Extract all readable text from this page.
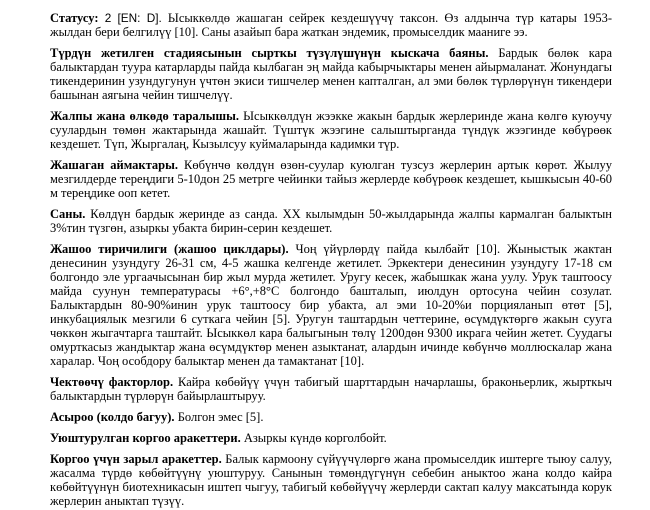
Статусу: 2 [EN: D]. Ысыккөлдө жашаган сейрек кездешүүчү таксон. Өз алдынча түр катары 1953-жылдан бери белгилүү [10]. Саны азайып бара жаткан эндемик, промыселдик мааниге ээ.

Түрдүн жетилген стадиясынын сырткы түзүлүшүнүн кыскача баяны. Бардык бөлөк кара балыктардан туура катарларды пайда кылбаган эң майда кабырчыктары менен айырмаланат. Жонундагы тикендеринин узундугунун үчтөн экиси тишчелер менен капталган, ал эми бөлөк түрлөрүнүн тикендери башынан аягына чейин тишчелүү.

Жалпы жана өлкөдө таралышы. Ысыккөлдүн жээкке жакын бардык жерлеринде жана көлгө куюучу суулардын төмөн жактарында жашайт. Түштүк жээгине салыштырганда түндүк жээгинде көбүрөөк кездешет. Түп, Жыргалаң, Кызылсуу куймаларында кадимки түр.

Жашаган аймактары. Көбүнчө көлдүн өзөн-суулар куюлган тузсуз жерлерин артык көрөт. Жылуу мезгилдерде тереңдиги 5-10дон 25 метрге чейинки тайыз жерлерде көбүрөөк кездешет, кышкысын 40-60 м тереңдике ооп кетет.

Саны. Көлдүн бардык жеринде аз санда. XX кылымдын 50-жылдарында жалпы кармалган балыктын 3%тин түзгөн, азыркы убакта бирин-серин кездешет.

Жашоо тиричилиги (жашоо циклдары). Чоң үйүрлөрдү пайда кылбайт [10]. Жыныстык жактан денесинин узундугу 26-31 см, 4-5 жашка келгенде жетилет. Эркектери денесинин узундугу 17-18 см болгондо эле ургаачысынан бир жыл мурда жетилет. Уругу кесек, жабышкак жана уулу. Урук таштоосу майда суунун температурасы +6°,+8°С болгондо башталып, июлдун ортосуна чейин созулат. Балыктардын 80-90%инин урук таштоосу бир убакта, ал эми 10-20%и порцияланып өтөт [5], инкубациялык мезгили 6 суткага чейин [5]. Уругун таштардын четтерине, өсүмдүктөргө жакын сууга чөккөн жыгачтарга таштайт. Ысыккөл кара балыгынын төлү 1200дөн 9300 икрага чейин жетет. Суудагы омурткасыз жандыктар жана өсүмдүктөр менен азыктанат, алардын ичинде көбүнчө моллюскалар жана харалар. Чоң особдору балыктар менен да тамактанат [10].

Чектөөчү факторлор. Кайра көбөйүү үчүн табигый шарттардын начарлашы, браконьерлик, жырткыч балыктардын түрлөрүн байырлаштыруу.

Асыроо (колдо багуу). Болгон эмес [5].

Уюштурулган коргоо аракеттери. Азыркы күндө корголбойт.

Коргоо үчүн зарыл аракеттер. Балык кармоону сүйүүчүлөргө жана промыселдик иштерге тыюу салуу, жасалма түрдө көбөйтүүнү уюштуруу. Санынын төмөндүгүнүн себебин аныктоо жана колдо кайра көбөйтүүнүн биотехникасын иштеп чыгуу, табигый көбөйүүчү жерлерди сактап калуу максатында корук жерлерин аныктап түзүү.
